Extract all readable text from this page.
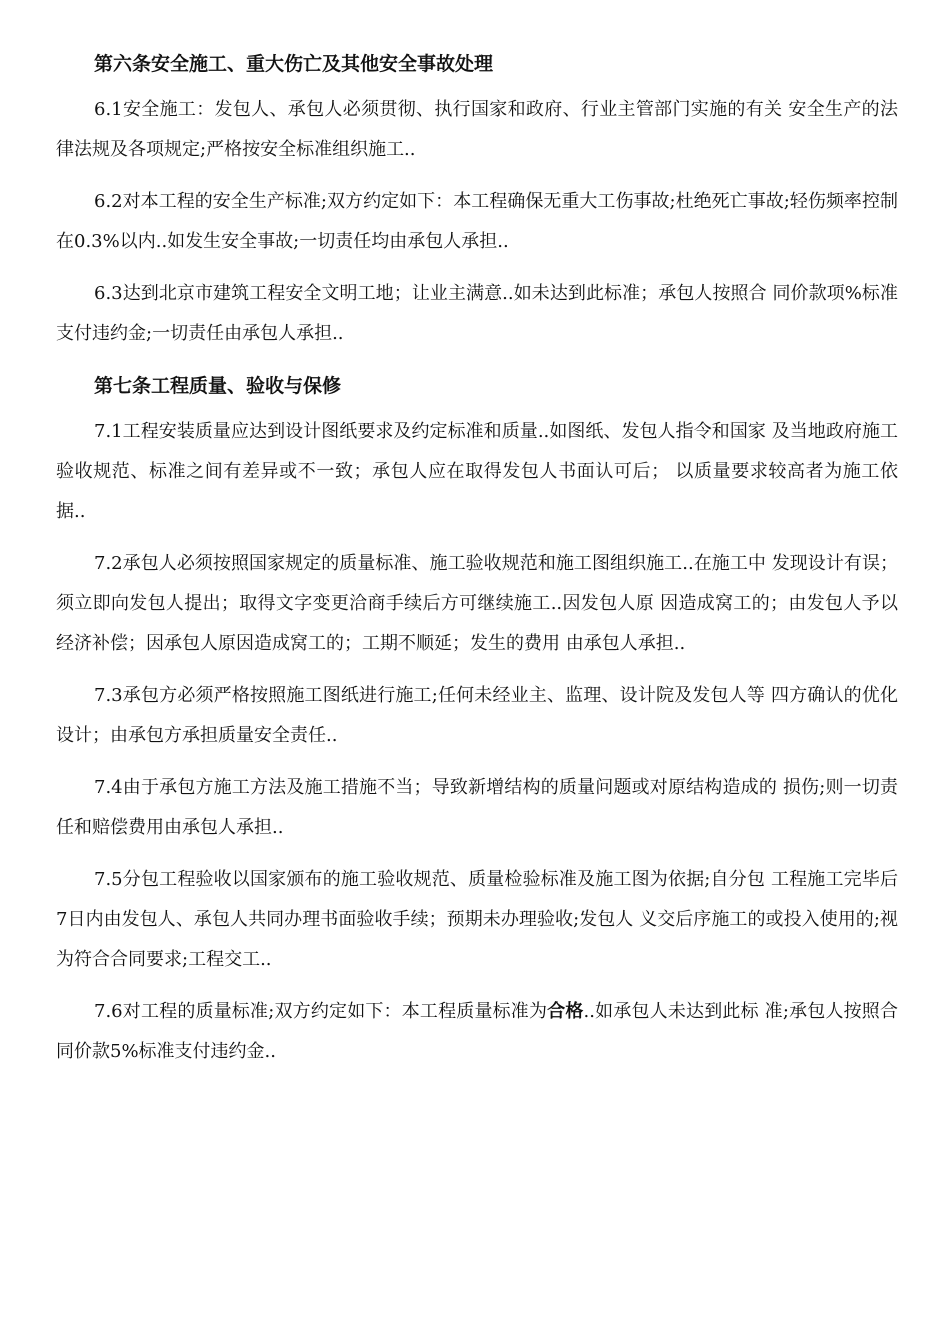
第六条安全施工、重大伤亡及其他安全事故处理

6.1安全施工：发包人、承包人必须贯彻、执行国家和政府、行业主管部门实施的有关 安全生产的法律法规及各项规定;严格按安全标准组织施工..

6.2对本工程的安全生产标准;双方约定如下：本工程确保无重大工伤事故;杜绝死亡事故;轻伤频率控制在0.3%以内..如发生安全事故;一切责任均由承包人承担..

6.3达到北京市建筑工程安全文明工地；让业主满意..如未达到此标准；承包人按照合 同价款项%标准支付违约金;一切责任由承包人承担..

第七条工程质量、验收与保修

7.1工程安装质量应达到设计图纸要求及约定标准和质量..如图纸、发包人指令和国家 及当地政府施工验收规范、标准之间有差异或不一致；承包人应在取得发包人书面认可后； 以质量要求较高者为施工依据..

7.2承包人必须按照国家规定的质量标准、施工验收规范和施工图组织施工..在施工中 发现设计有误；须立即向发包人提出；取得文字变更洽商手续后方可继续施工..因发包人原 因造成窝工的；由发包人予以经济补偿；因承包人原因造成窝工的；工期不顺延；发生的费用 由承包人承担..

7.3承包方必须严格按照施工图纸进行施工;任何未经业主、监理、设计院及发包人等 四方确认的优化设计；由承包方承担质量安全责任..

7.4由于承包方施工方法及施工措施不当；导致新增结构的质量问题或对原结构造成的 损伤;则一切责任和赔偿费用由承包人承担..

7.5分包工程验收以国家颁布的施工验收规范、质量检验标准及施工图为依据;自分包 工程施工完毕后7日内由发包人、承包人共同办理书面验收手续；预期未办理验收;发包人 义交后序施工的或投入使用的;视为符合合同要求;工程交工..

7.6对工程的质量标准;双方约定如下：本工程质量标准为合格..如承包人未达到此标 准;承包人按照合同价款5%标准支付违约金..
